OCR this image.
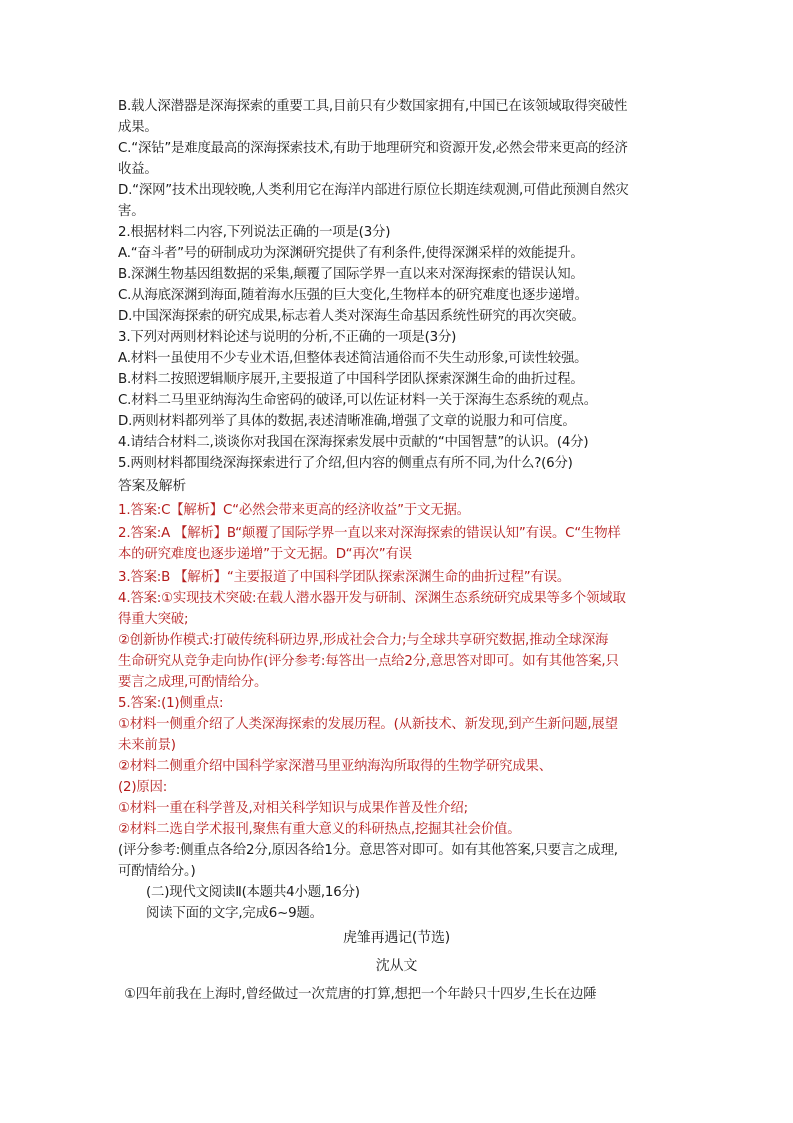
B.载人深潜器是深海探索的重要工具,目前只有少数国家拥有,中国已在该领域取得突破性
成果。
C.“深钻”是难度最高的深海探索技术,有助于地理研究和资源开发,必然会带来更高的经济
收益。
D.“深网”技术出现较晚,人类利用它在海洋内部进行原位长期连续观测,可借此预测自然灾
害。
2.根据材料二内容,下列说法正确的一项是(3分)
A.“奋斗者”号的研制成功为深渊研究提供了有利条件,使得深渊采样的效能提升。
B.深渊生物基因组数据的采集,颠覆了国际学界一直以来对深海探索的错误认知。
C.从海底深渊到海面,随着海水压强的巨大变化,生物样本的研究难度也逐步递增。
D.中国深海探索的研究成果,标志着人类对深海生命基因系统性研究的再次突破。
3.下列对两则材料论述与说明的分析,不正确的一项是(3分)
A.材料一虽使用不少专业术语,但整体表述简洁通俗而不失生动形象,可读性较强。
B.材料二按照逻辑顺序展开,主要报道了中国科学团队探索深渊生命的曲折过程。
C.材料二马里亚纳海沟生命密码的破译,可以佐证材料一关于深海生态系统的观点。
D.两则材料都列举了具体的数据,表述清晰准确,增强了文章的说服力和可信度。
4.请结合材料二,谈谈你对我国在深海探索发展中贡献的“中国智慧”的认识。(4分)
5.两则材料都围绕深海探索进行了介绍,但内容的侧重点有所不同,为什么?(6分)
答案及解析
1.答案:C【解析】C“必然会带来更高的经济收益”于文无据。
2.答案:A 【解析】B“颠覆了国际学界一直以来对深海探索的错误认知”有误。C“生物样
本的研究难度也逐步递增”于文无据。D“再次”有误
3.答案:B 【解析】“主要报道了中国科学团队探索深渊生命的曲折过程”有误。
4.答案:①实现技术突破:在载人潜水器开发与研制、深渊生态系统研究成果等多个领域取
得重大突破;
②创新协作模式:打破传统科研边界,形成社会合力;与全球共享研究数据,推动全球深海
生命研究从竞争走向协作(评分参考:每答出一点给2分,意思答对即可。如有其他答案,只
要言之成理,可酌情给分。
5.答案:(1)侧重点:
①材料一侧重介绍了人类深海探索的发展历程。(从新技术、新发现,到产生新问题,展望
未来前景)
②材料二侧重介绍中国科学家深潜马里亚纳海沟所取得的生物学研究成果、
(2)原因:
①材料一重在科学普及,对相关科学知识与成果作普及性介绍;
②材料二选自学术报刊,聚焦有重大意义的科研热点,挖掘其社会价值。
(评分参考:侧重点各给2分,原因各给1分。意思答对即可。如有其他答案,只要言之成理,
可酌情给分。)
(二)现代文阅读Ⅱ(本题共4小题,16分)
阅读下面的文字,完成6~9题。
虎雏再遇记(节选)
沈从文
①四年前我在上海时,曾经做过一次荒唐的打算,想把一个年龄只十四岁,生长在边陲
